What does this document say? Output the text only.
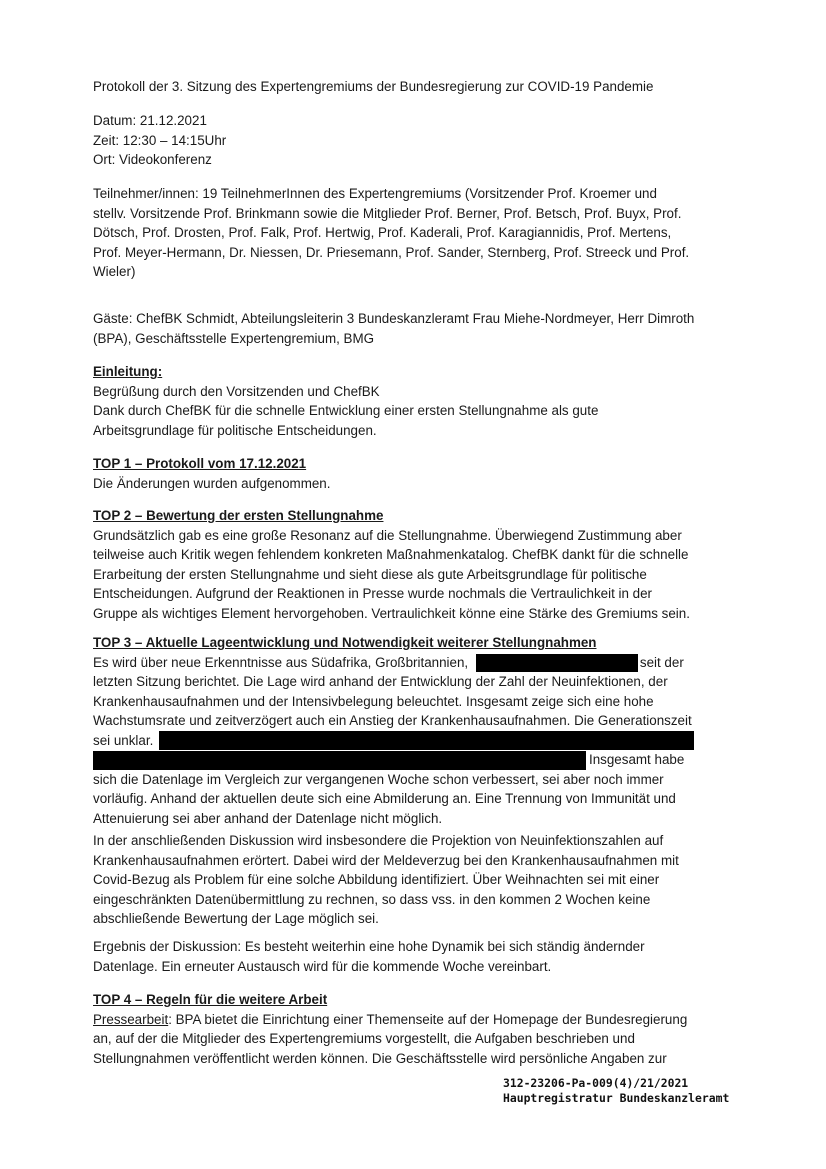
Protokoll der 3. Sitzung des Expertengremiums der Bundesregierung zur COVID-19 Pandemie
Datum: 21.12.2021
Zeit: 12:30 – 14:15Uhr
Ort: Videokonferenz
Teilnehmer/innen: 19 TeilnehmerInnen des Expertengremiums (Vorsitzender Prof. Kroemer und
stellv. Vorsitzende Prof. Brinkmann sowie die Mitglieder Prof. Berner, Prof. Betsch, Prof. Buyx, Prof.
Dötsch, Prof. Drosten, Prof. Falk, Prof. Hertwig, Prof. Kaderali, Prof. Karagiannidis, Prof. Mertens,
Prof. Meyer-Hermann, Dr. Niessen, Dr. Priesemann, Prof. Sander, Sternberg, Prof. Streeck und Prof.
Wieler)
Gäste: ChefBK Schmidt, Abteilungsleiterin 3 Bundeskanzleramt Frau Miehe-Nordmeyer, Herr Dimroth
(BPA), Geschäftsstelle Expertengremium, BMG
Einleitung:
Begrüßung durch den Vorsitzenden und ChefBK
Dank durch ChefBK für die schnelle Entwicklung einer ersten Stellungnahme als gute
Arbeitsgrundlage für politische Entscheidungen.
TOP 1 – Protokoll vom 17.12.2021
Die Änderungen wurden aufgenommen.
TOP 2 – Bewertung der ersten Stellungnahme
Grundsätzlich gab es eine große Resonanz auf die Stellungnahme. Überwiegend Zustimmung aber
teilweise auch Kritik wegen fehlendem konkreten Maßnahmenkatalog. ChefBK dankt für die schnelle
Erarbeitung der ersten Stellungnahme und sieht diese als gute Arbeitsgrundlage für politische
Entscheidungen. Aufgrund der Reaktionen in Presse wurde nochmals die Vertraulichkeit in der
Gruppe als wichtiges Element hervorgehoben. Vertraulichkeit könne eine Stärke des Gremiums sein.
TOP 3 – Aktuelle Lageentwicklung und Notwendigkeit weiterer Stellungnahmen
Es wird über neue Erkenntnisse aus Südafrika, Großbritannien,	seit der
letzten Sitzung berichtet. Die Lage wird anhand der Entwicklung der Zahl der Neuinfektionen, der
Krankenhausaufnahmen und der Intensivbelegung beleuchtet. Insgesamt zeige sich eine hohe
Wachstumsrate und zeitverzögert auch ein Anstieg der Krankenhausaufnahmen. Die Generationszeit
sei unklar.
Insgesamt habe
sich die Datenlage im Vergleich zur vergangenen Woche schon verbessert, sei aber noch immer
vorläufig. Anhand der aktuellen deute sich eine Abmilderung an. Eine Trennung von Immunität und
Attenuierung sei aber anhand der Datenlage nicht möglich.
In der anschließenden Diskussion wird insbesondere die Projektion von Neuinfektionszahlen auf
Krankenhausaufnahmen erörtert. Dabei wird der Meldeverzug bei den Krankenhausaufnahmen mit
Covid-Bezug als Problem für eine solche Abbildung identifiziert. Über Weihnachten sei mit einer
eingeschränkten Datenübermittlung zu rechnen, so dass vss. in den kommen 2 Wochen keine
abschließende Bewertung der Lage möglich sei.
Ergebnis der Diskussion: Es besteht weiterhin eine hohe Dynamik bei sich ständig ändernder
Datenlage. Ein erneuter Austausch wird für die kommende Woche vereinbart.
TOP 4 – Regeln für die weitere Arbeit
Pressearbeit: BPA bietet die Einrichtung einer Themenseite auf der Homepage der Bundesregierung
an, auf der die Mitglieder des Expertengremiums vorgestellt, die Aufgaben beschrieben und
Stellungnahmen veröffentlicht werden können. Die Geschäftsstelle wird persönliche Angaben zur
312-23206-Pa-009(4)/21/2021
Hauptregistratur Bundeskanzleramt
